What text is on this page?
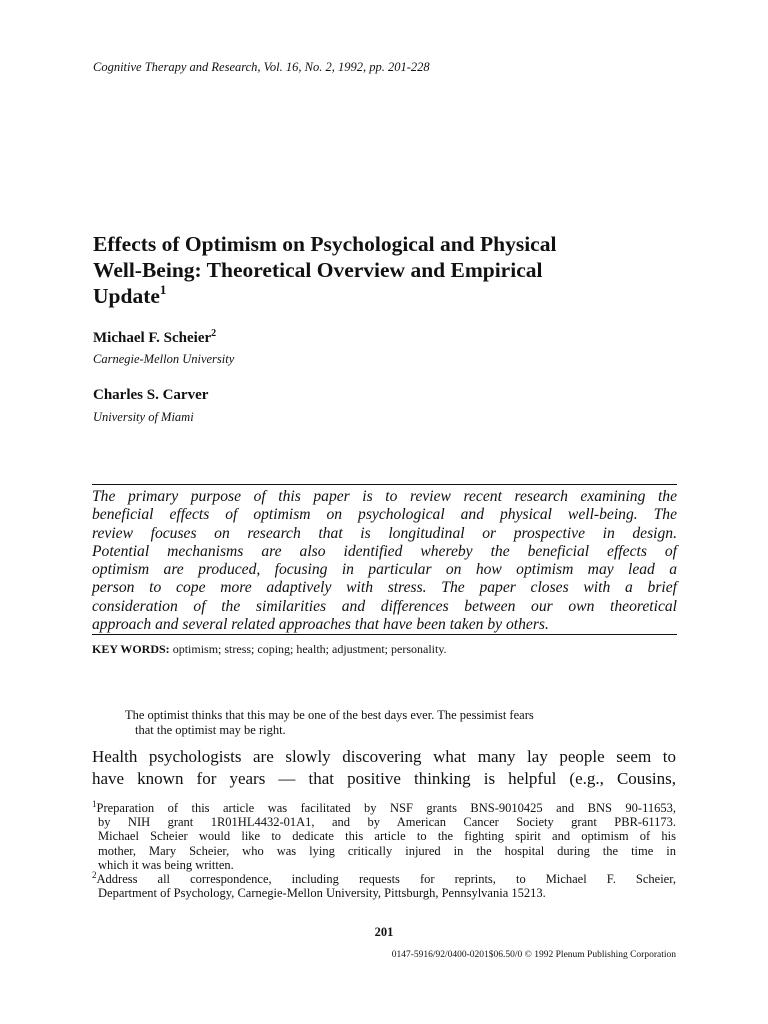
Cognitive Therapy and Research, Vol. 16, No. 2, 1992, pp. 201-228
Effects of Optimism on Psychological and Physical
Well-Being: Theoretical Overview and Empirical
Update$^1$
Michael F. Scheier$^2$
Carnegie-Mellon University
Charles S. Carver
University of Miami
The primary purpose of this paper is to review recent research examining the
beneficial effects of optimism on psychological and physical well-being. The
review focuses on research that is longitudinal or prospective in design.
Potential mechanisms are also identified whereby the beneficial effects of
optimism are produced, focusing in particular on how optimism may lead a
person to cope more adaptively with stress. The paper closes with a brief
consideration of the similarities and differences between our own theoretical
approach and several related approaches that have been taken by others.
KEY WORDS: optimism; stress; coping; health; adjustment; personality.
The optimist thinks that this may be one of the best days ever. The pessimist fears
that the optimist may be right.
Health psychologists are slowly discovering what many lay people seem to
have known for years — that positive thinking is helpful (e.g., Cousins,
$^1$Preparation of this article was facilitated by NSF grants BNS-9010425 and BNS 90-11653,
by NIH grant 1R01HL4432-01A1, and by American Cancer Society grant PBR-61173.
Michael Scheier would like to dedicate this article to the fighting spirit and optimism of his
mother, Mary Scheier, who was lying critically injured in the hospital during the time in
which it was being written.
$^2$Address all correspondence, including requests for reprints, to Michael F. Scheier,
Department of Psychology, Carnegie-Mellon University, Pittsburgh, Pennsylvania 15213.
201
0147-5916/92/0400-0201$06.50/0 © 1992 Plenum Publishing Corporation
